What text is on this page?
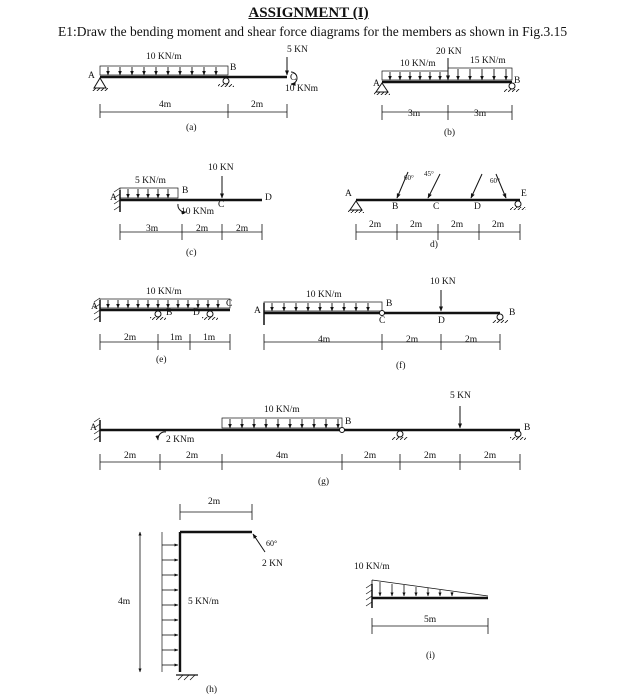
ASSIGNMENT (I)
E1:Draw the bending moment and shear force diagrams for the members as shown in Fig.3.15
10 KN/m
5 KN
10 KNm
A
B
C
4m	2m
(a)
20 KN
10 KN/m	15 KN/m
A	B
3m	3m
(b)
5 KN/m
10 KN
10 KNm
A
B
C
D
3m	2m	2m
(c)
A
B	C	D
E
60° 45°
60°
2m	2m	2m	2m
d)
10 KN/m
A
B D
C
2m	1m 1m
(e)
10 KN/m
10 KN
A
B
C	D
B
4m	2m	2m
(f)
10 KN/m
5 KN
2 KNm
A
B
B
2m	2m	4m	2m	2m	2m
(g)
2m
4m	5 KN/m
2 KN
60°
(h)
10 KN/m
5m
(i)
